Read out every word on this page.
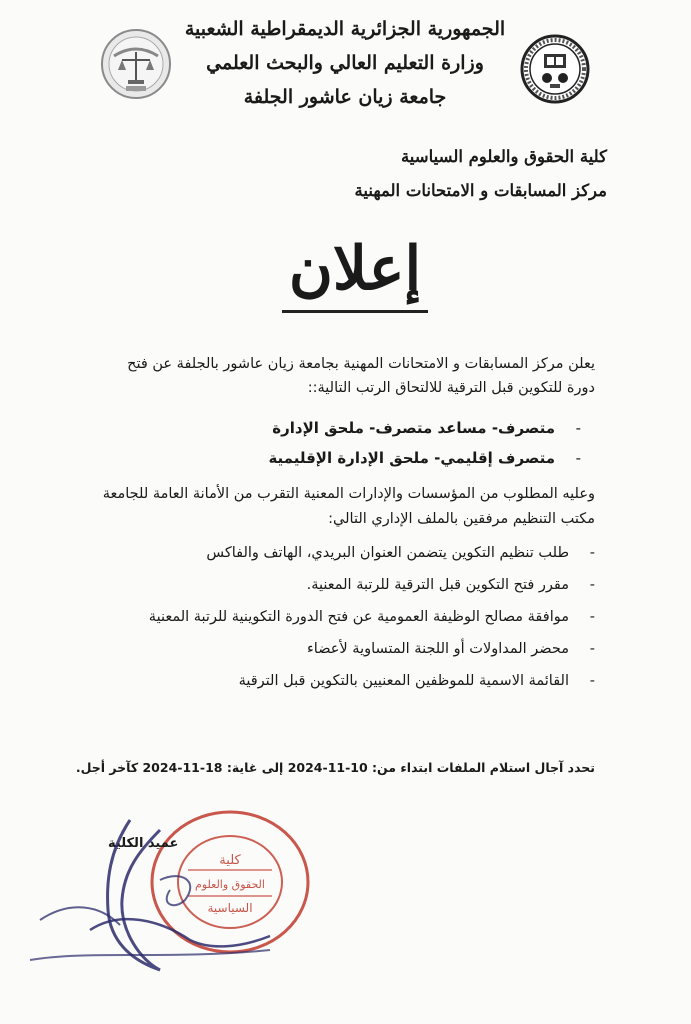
الجمهورية الجزائرية الديمقراطية الشعبية
وزارة التعليم العالي والبحث العلمي
جامعة زيان عاشور الجلفة
كلية الحقوق والعلوم السياسية
مركز المسابقات و الامتحانات المهنية
إعلان
يعلن مركز المسابقات و الامتحانات المهنية بجامعة زيان عاشور بالجلفة عن فتح دورة للتكوين قبل الترقية للالتحاق الرتب التالية::
- متصرف- مساعد متصرف- ملحق الإدارة
- متصرف إقليمي- ملحق الإدارة الإقليمية
وعليه المطلوب من المؤسسات والإدارات المعنية التقرب من الأمانة العامة للجامعة مكتب التنظيم مرفقين بالملف الإداري التالي:
- طلب تنظيم التكوين يتضمن العنوان البريدي، الهاتف والفاكس
- مقرر فتح التكوين قبل الترقية للرتبة المعنية.
- موافقة مصالح الوظيفة العمومية عن فتح الدورة التكوينية للرتبة المعنية
- محضر المداولات أو اللجنة المتساوية لأعضاء
- القائمة الاسمية للموظفين المعنيين بالتكوين قبل الترقية
تحدد آجال استلام الملفات ابتداء من: 10-11-2024 إلى غاية: 18-11-2024 كآخر أجل.
كلية
الحقوق والعلوم
السياسية
عميد الكلية
